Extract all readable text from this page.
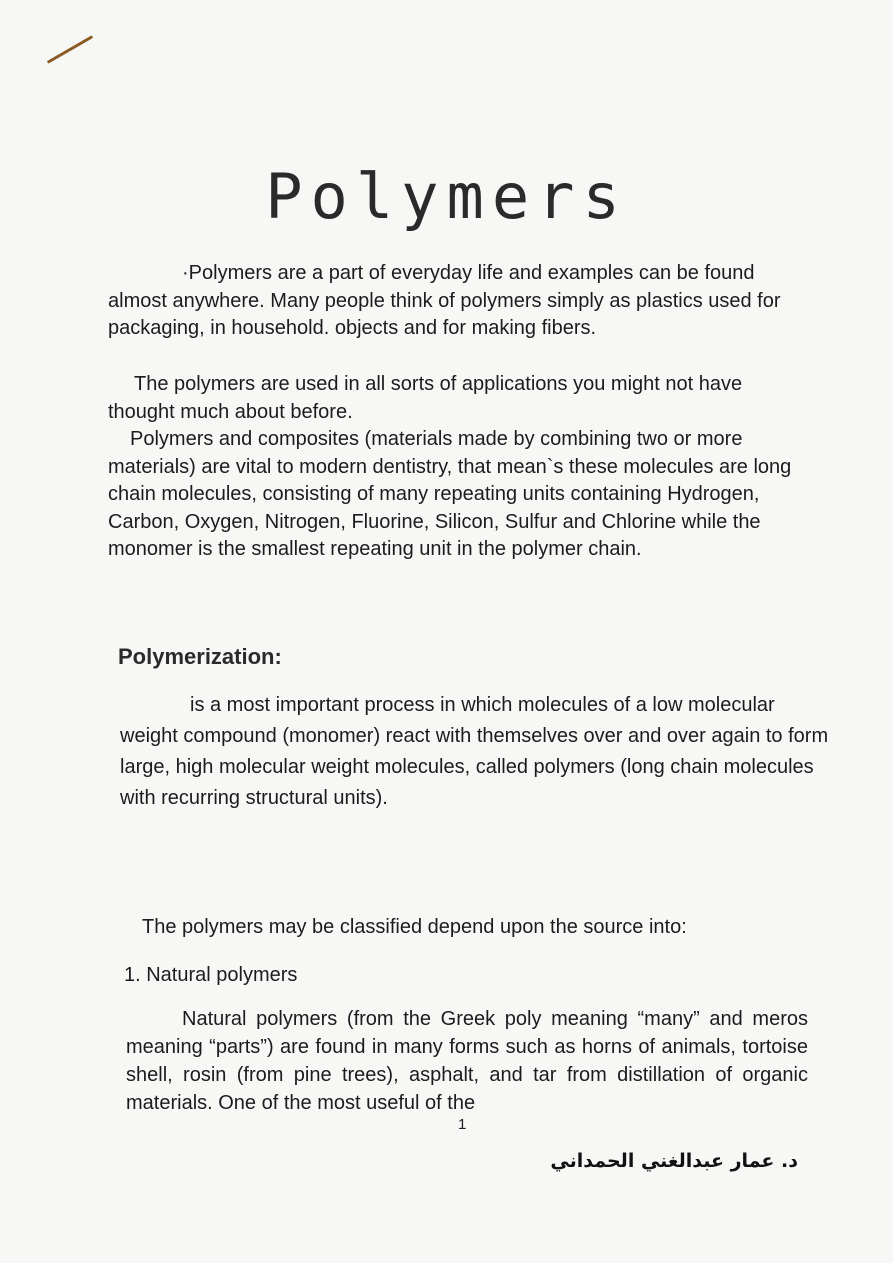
Polymers

·Polymers are a part of everyday life and examples can be found almost anywhere. Many people think of polymers simply as plastics used for packaging, in household. objects and for making fibers.

The polymers are used in all sorts of applications you might not have thought much about before.

Polymers and composites (materials made by combining two or more materials) are vital to modern dentistry, that mean`s these molecules are long chain molecules, consisting of many repeating units containing Hydrogen, Carbon, Oxygen, Nitrogen, Fluorine, Silicon, Sulfur and Chlorine while the monomer is the smallest repeating unit in the polymer chain.

Polymerization:

is a most important process in which molecules of a low molecular weight compound (monomer) react with themselves over and over again to form large, high molecular weight molecules, called polymers (long chain molecules with recurring structural units).

The polymers may be classified depend upon the source into:

1. Natural polymers

Natural polymers (from the Greek poly meaning “many” and meros meaning “parts”) are found in many forms such as horns of animals, tortoise shell, rosin (from pine trees), asphalt, and tar from distillation of organic materials. One of the most useful of the

1
د. عمار عبدالغني الحمداني
